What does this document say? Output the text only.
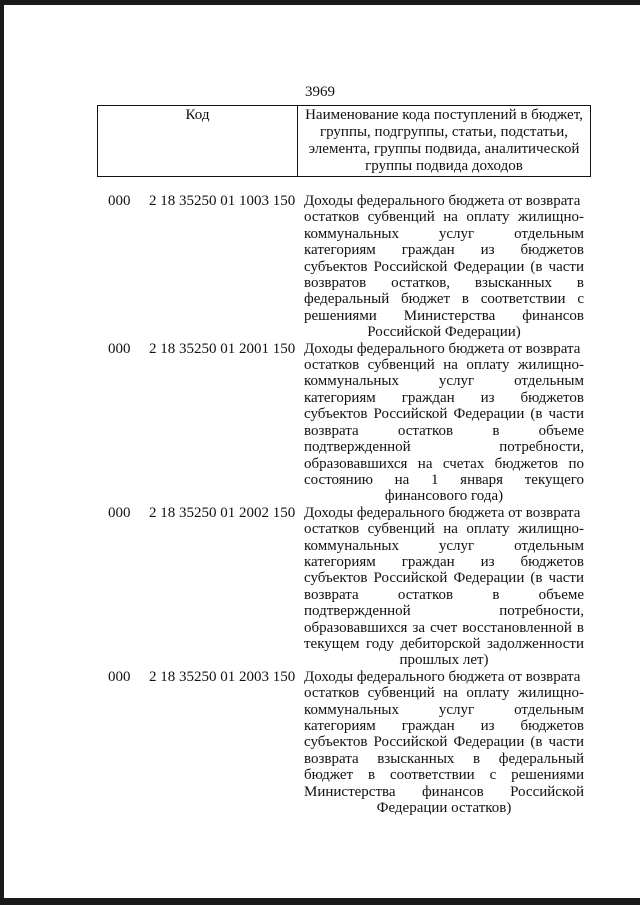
3969
Код	Наименование кода поступлений в бюджет, группы, подгруппы, статьи, подстатьи, элемента, группы подвида, аналитической группы подвида доходов
000 2 18 35250 01 1003 150 Доходы федерального бюджета от возврата
остатков субвенций на оплату жилищно-коммунальных услуг отдельным категориям граждан из бюджетов субъектов Российской Федерации (в части возвратов остатков, взысканных в федеральный бюджет в соответствии с решениями Министерства финансов Российской Федерации)
000 2 18 35250 01 2001 150 Доходы федерального бюджета от возврата
остатков субвенций на оплату жилищно-коммунальных услуг отдельным категориям граждан из бюджетов субъектов Российской Федерации (в части возврата остатков в объеме подтвержденной потребности, образовавшихся на счетах бюджетов по состоянию на 1 января текущего финансового года)
000 2 18 35250 01 2002 150 Доходы федерального бюджета от возврата
остатков субвенций на оплату жилищно-коммунальных услуг отдельным категориям граждан из бюджетов субъектов Российской Федерации (в части возврата остатков в объеме подтвержденной потребности, образовавшихся за счет восстановленной в текущем году дебиторской задолженности прошлых лет)
000 2 18 35250 01 2003 150 Доходы федерального бюджета от возврата
остатков субвенций на оплату жилищно-коммунальных услуг отдельным категориям граждан из бюджетов субъектов Российской Федерации (в части возврата взысканных в федеральный бюджет в соответствии с решениями Министерства финансов Российской Федерации остатков)
